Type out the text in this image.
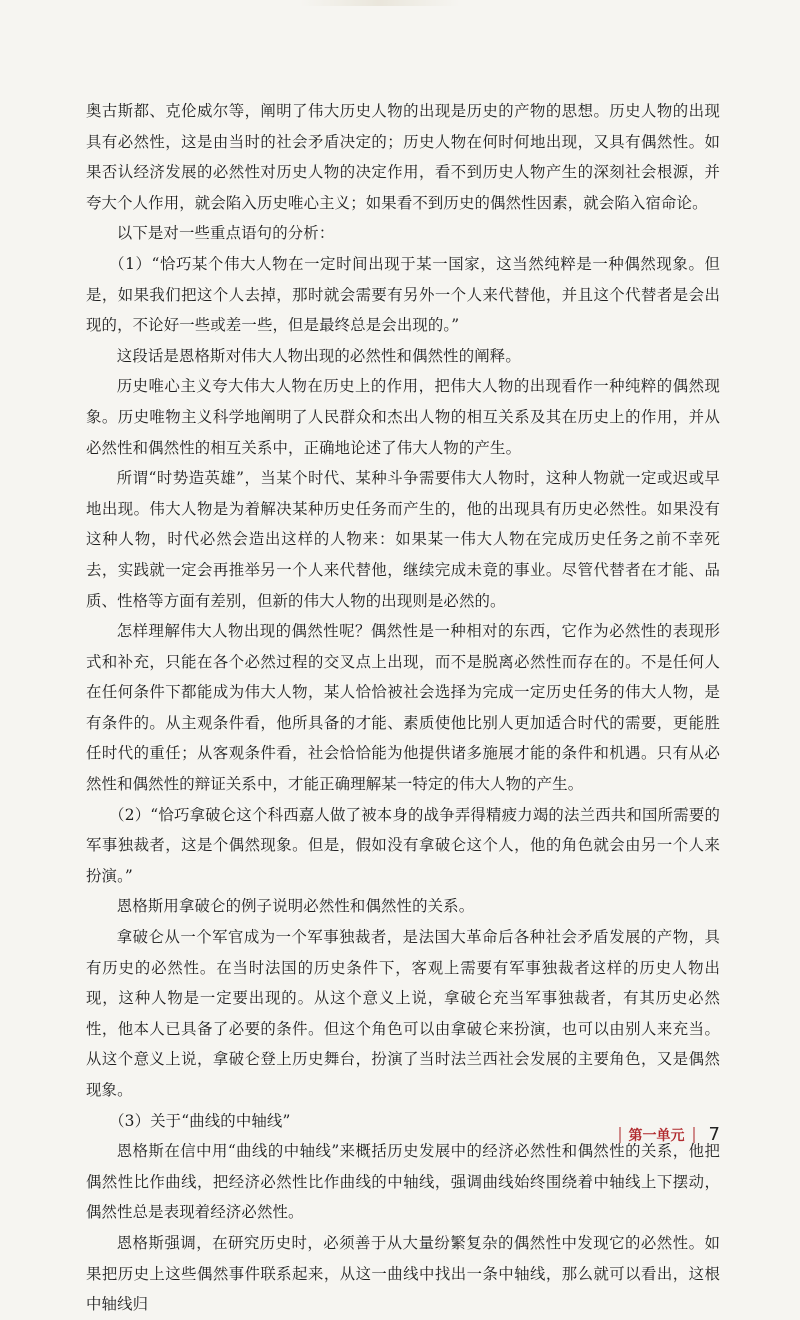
奥古斯都、克伦威尔等，阐明了伟大历史人物的出现是历史的产物的思想。历史人物的出现具有必然性，这是由当时的社会矛盾决定的；历史人物在何时何地出现，又具有偶然性。如果否认经济发展的必然性对历史人物的决定作用，看不到历史人物产生的深刻社会根源，并夸大个人作用，就会陷入历史唯心主义；如果看不到历史的偶然性因素，就会陷入宿命论。

以下是对一些重点语句的分析：

（1）“恰巧某个伟大人物在一定时间出现于某一国家，这当然纯粹是一种偶然现象。但是，如果我们把这个人去掉，那时就会需要有另外一个人来代替他，并且这个代替者是会出现的，不论好一些或差一些，但是最终总是会出现的。”

这段话是恩格斯对伟大人物出现的必然性和偶然性的阐释。

历史唯心主义夸大伟大人物在历史上的作用，把伟大人物的出现看作一种纯粹的偶然现象。历史唯物主义科学地阐明了人民群众和杰出人物的相互关系及其在历史上的作用，并从必然性和偶然性的相互关系中，正确地论述了伟大人物的产生。

所谓“时势造英雄”，当某个时代、某种斗争需要伟大人物时，这种人物就一定或迟或早地出现。伟大人物是为着解决某种历史任务而产生的，他的出现具有历史必然性。如果没有这种人物，时代必然会造出这样的人物来：如果某一伟大人物在完成历史任务之前不幸死去，实践就一定会再推举另一个人来代替他，继续完成未竟的事业。尽管代替者在才能、品质、性格等方面有差别，但新的伟大人物的出现则是必然的。

怎样理解伟大人物出现的偶然性呢？偶然性是一种相对的东西，它作为必然性的表现形式和补充，只能在各个必然过程的交叉点上出现，而不是脱离必然性而存在的。不是任何人在任何条件下都能成为伟大人物，某人恰恰被社会选择为完成一定历史任务的伟大人物，是有条件的。从主观条件看，他所具备的才能、素质使他比别人更加适合时代的需要，更能胜任时代的重任；从客观条件看，社会恰恰能为他提供诸多施展才能的条件和机遇。只有从必然性和偶然性的辩证关系中，才能正确理解某一特定的伟大人物的产生。

（2）“恰巧拿破仑这个科西嘉人做了被本身的战争弄得精疲力竭的法兰西共和国所需要的军事独裁者，这是个偶然现象。但是，假如没有拿破仑这个人，他的角色就会由另一个人来扮演。”

恩格斯用拿破仑的例子说明必然性和偶然性的关系。

拿破仑从一个军官成为一个军事独裁者，是法国大革命后各种社会矛盾发展的产物，具有历史的必然性。在当时法国的历史条件下，客观上需要有军事独裁者这样的历史人物出现，这种人物是一定要出现的。从这个意义上说，拿破仑充当军事独裁者，有其历史必然性，他本人已具备了必要的条件。但这个角色可以由拿破仑来扮演，也可以由别人来充当。从这个意义上说，拿破仑登上历史舞台，扮演了当时法兰西社会发展的主要角色，又是偶然现象。

（3）关于“曲线的中轴线”

恩格斯在信中用“曲线的中轴线”来概括历史发展中的经济必然性和偶然性的关系，他把偶然性比作曲线，把经济必然性比作曲线的中轴线，强调曲线始终围绕着中轴线上下摆动，偶然性总是表现着经济必然性。

恩格斯强调，在研究历史时，必须善于从大量纷繁复杂的偶然性中发现它的必然性。如果把历史上这些偶然事件联系起来，从这一曲线中找出一条中轴线，那么就可以看出，这根中轴线归

第一单元 7
